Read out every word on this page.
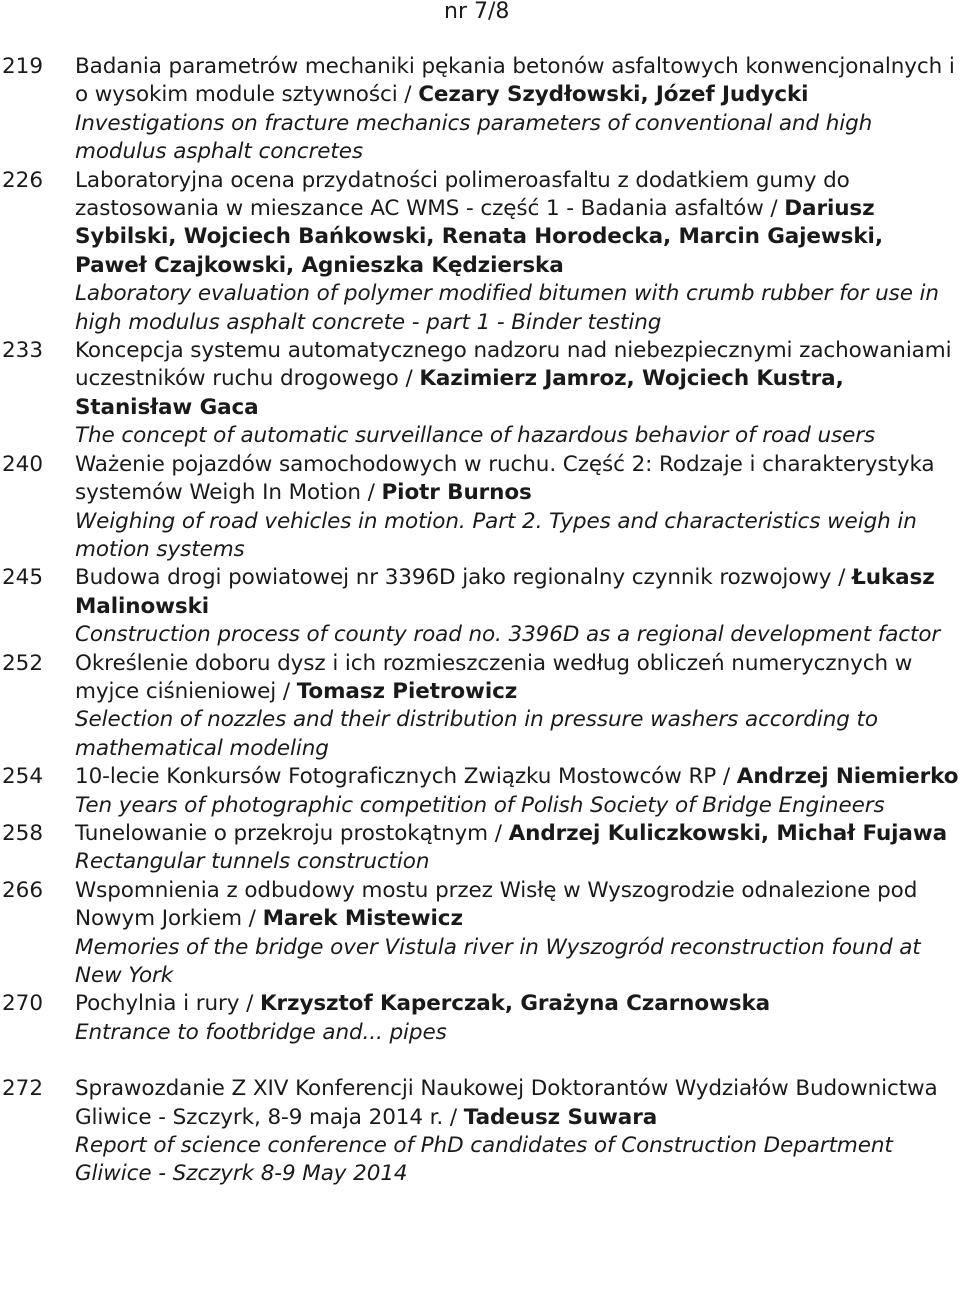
nr 7/8
219	Badania parametrów mechaniki pękania betonów asfaltowych konwencjonalnych i o wysokim module sztywności / Cezary Szydłowski, Józef Judycki
Investigations on fracture mechanics parameters of conventional and high modulus asphalt concretes
226	Laboratoryjna ocena przydatności polimeroasfaltu z dodatkiem gumy do zastosowania w mieszance AC WMS - część 1 - Badania asfaltów / Dariusz Sybilski, Wojciech Bańkowski, Renata Horodecka, Marcin Gajewski, Paweł Czajkowski, Agnieszka Kędzierska
Laboratory evaluation of polymer modified bitumen with crumb rubber for use in high modulus asphalt concrete - part 1 - Binder testing
233	Koncepcja systemu automatycznego nadzoru nad niebezpiecznymi zachowaniami uczestników ruchu drogowego / Kazimierz Jamroz, Wojciech Kustra, Stanisław Gaca
The concept of automatic surveillance of hazardous behavior of road users
240	Ważenie pojazdów samochodowych w ruchu. Część 2: Rodzaje i charakterystyka systemów Weigh In Motion / Piotr Burnos
Weighing of road vehicles in motion. Part 2. Types and characteristics weigh in motion systems
245	Budowa drogi powiatowej nr 3396D jako regionalny czynnik rozwojowy / Łukasz Malinowski
Construction process of county road no. 3396D as a regional development factor
252	Określenie doboru dysz i ich rozmieszczenia według obliczeń numerycznych w myjce ciśnieniowej / Tomasz Pietrowicz
Selection of nozzles and their distribution in pressure washers according to mathematical modeling
254	10-lecie Konkursów Fotograficznych Związku Mostowców RP / Andrzej Niemierko
Ten years of photographic competition of Polish Society of Bridge Engineers
258	Tunelowanie o przekroju prostokątnym / Andrzej Kuliczkowski, Michał Fujawa
Rectangular tunnels construction
266	Wspomnienia z odbudowy mostu przez Wisłę w Wyszogrodzie odnalezione pod Nowym Jorkiem / Marek Mistewicz
Memories of the bridge over Vistula river in Wyszogród reconstruction found at New York
270	Pochylnia i rury / Krzysztof Kaperczak, Grażyna Czarnowska
Entrance to footbridge and... pipes
272	Sprawozdanie Z XIV Konferencji Naukowej Doktorantów Wydziałów Budownictwa Gliwice - Szczyrk, 8-9 maja 2014 r. / Tadeusz Suwara
Report of science conference of PhD candidates of Construction Department Gliwice - Szczyrk 8-9 May 2014
